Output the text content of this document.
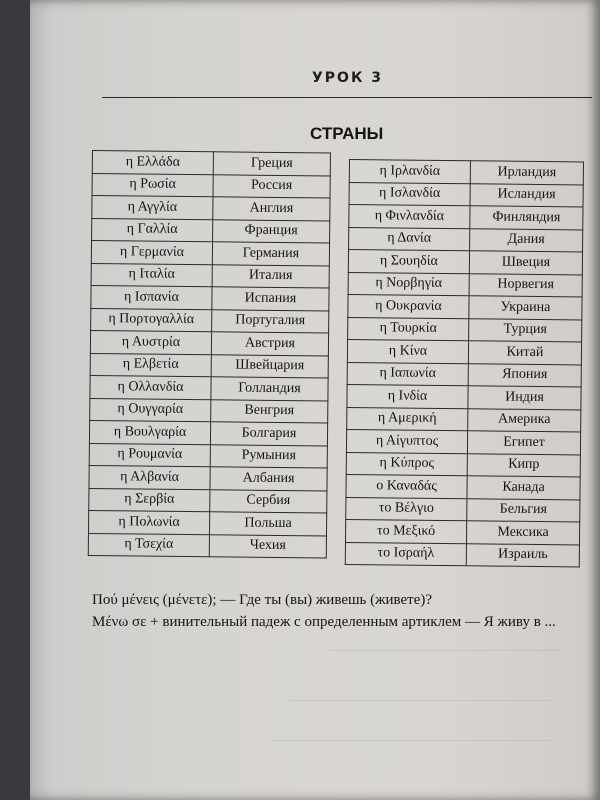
УРОК 3
СТРАНЫ
η Ελλάδα	Греция
η Ρωσία	Россия
η Αγγλία	Англия
η Γαλλία	Франция
η Γερμανία	Германия
η Ιταλία	Италия
η Ισπανία	Испания
η Πορτογαλλία	Португалия
η Αυστρία	Австрия
η Ελβετία	Швейцария
η Ολλανδία	Голландия
η Ουγγαρία	Венгрия
η Βουλγαρία	Болгария
η Ρουμανία	Румыния
η Αλβανία	Албания
η Σερβία	Сербия
η Πολωνία	Польша
η Τσεχία	Чехия
η Ιρλανδία	Ирландия
η Ισλανδία	Исландия
η Φινλανδία	Финляндия
η Δανία	Дания
η Σουηδία	Швеция
η Νορβηγία	Норвегия
η Ουκρανία	Украина
η Τουρκία	Турция
η Κίνα	Китай
η Ιαπωνία	Япония
η Ινδία	Индия
η Αμερική	Америка
η Αίγυπτος	Египет
η Κύπρος	Кипр
ο Καναδάς	Канада
το Βέλγιο	Бельгия
το Μεξικό	Мексика
το Ισραήλ	Израиль
Πού μένεις (μένετε); — Где ты (вы) живешь (живете)?
Μένω σε + винительный падеж с определенным артиклем — Я живу в ...
